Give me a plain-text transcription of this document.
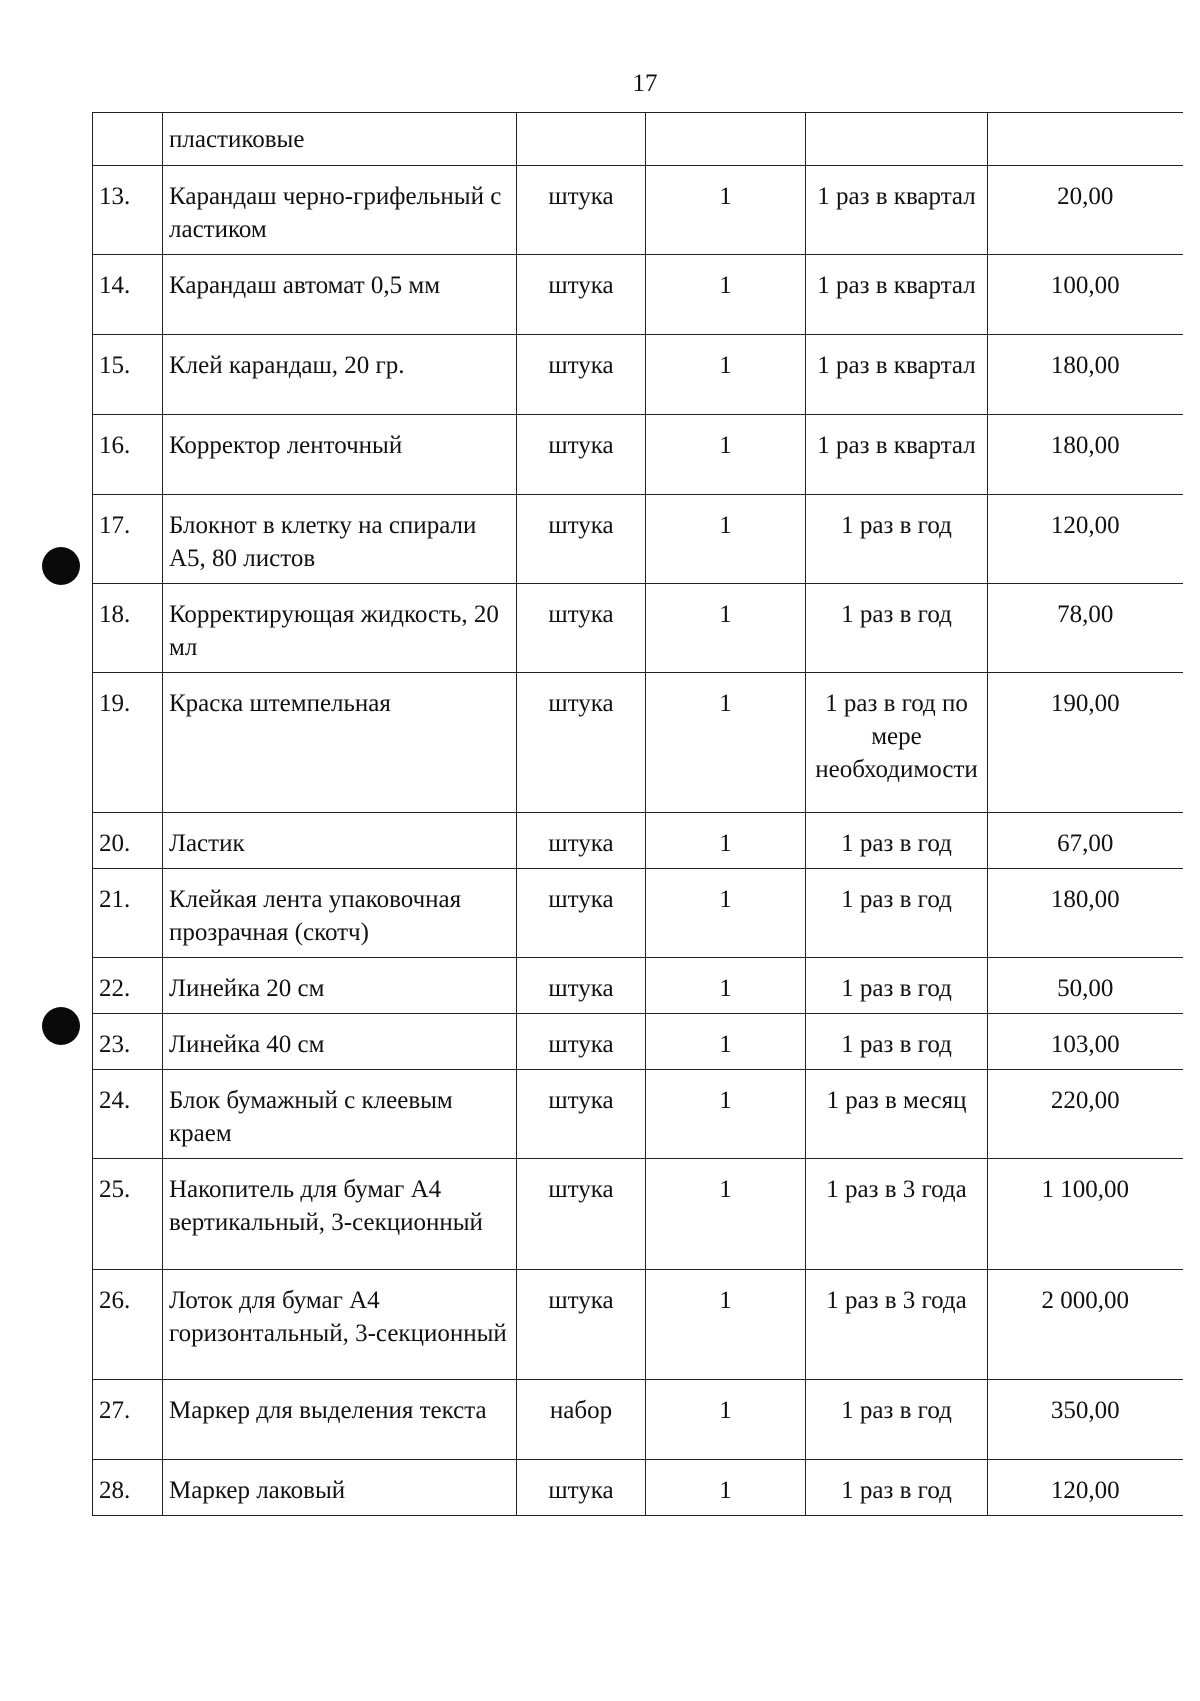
17
	пластиковые				
13.	Карандаш черно-грифельный с ластиком	штука	1	1 раз в квартал	20,00
14.	Карандаш автомат 0,5 мм	штука	1	1 раз в квартал	100,00
15.	Клей карандаш, 20 гр.	штука	1	1 раз в квартал	180,00
16.	Корректор ленточный	штука	1	1 раз в квартал	180,00
17.	Блокнот в клетку на спирали А5, 80 листов	штука	1	1 раз в год	120,00
18.	Корректирующая жидкость, 20 мл	штука	1	1 раз в год	78,00
19.	Краска штемпельная	штука	1	1 раз в год по мере необходимости	190,00
20.	Ластик	штука	1	1 раз в год	67,00
21.	Клейкая лента упаковочная прозрачная (скотч)	штука	1	1 раз в год	180,00
22.	Линейка 20 см	штука	1	1 раз в год	50,00
23.	Линейка 40 см	штука	1	1 раз в год	103,00
24.	Блок бумажный с клеевым краем	штука	1	1 раз в месяц	220,00
25.	Накопитель для бумаг А4 вертикальный, 3-секционный	штука	1	1 раз в 3 года	1 100,00
26.	Лоток для бумаг А4 горизонтальный, 3-секционный	штука	1	1 раз в 3 года	2 000,00
27.	Маркер для выделения текста	набор	1	1 раз в год	350,00
28.	Маркер лаковый	штука	1	1 раз в год	120,00
